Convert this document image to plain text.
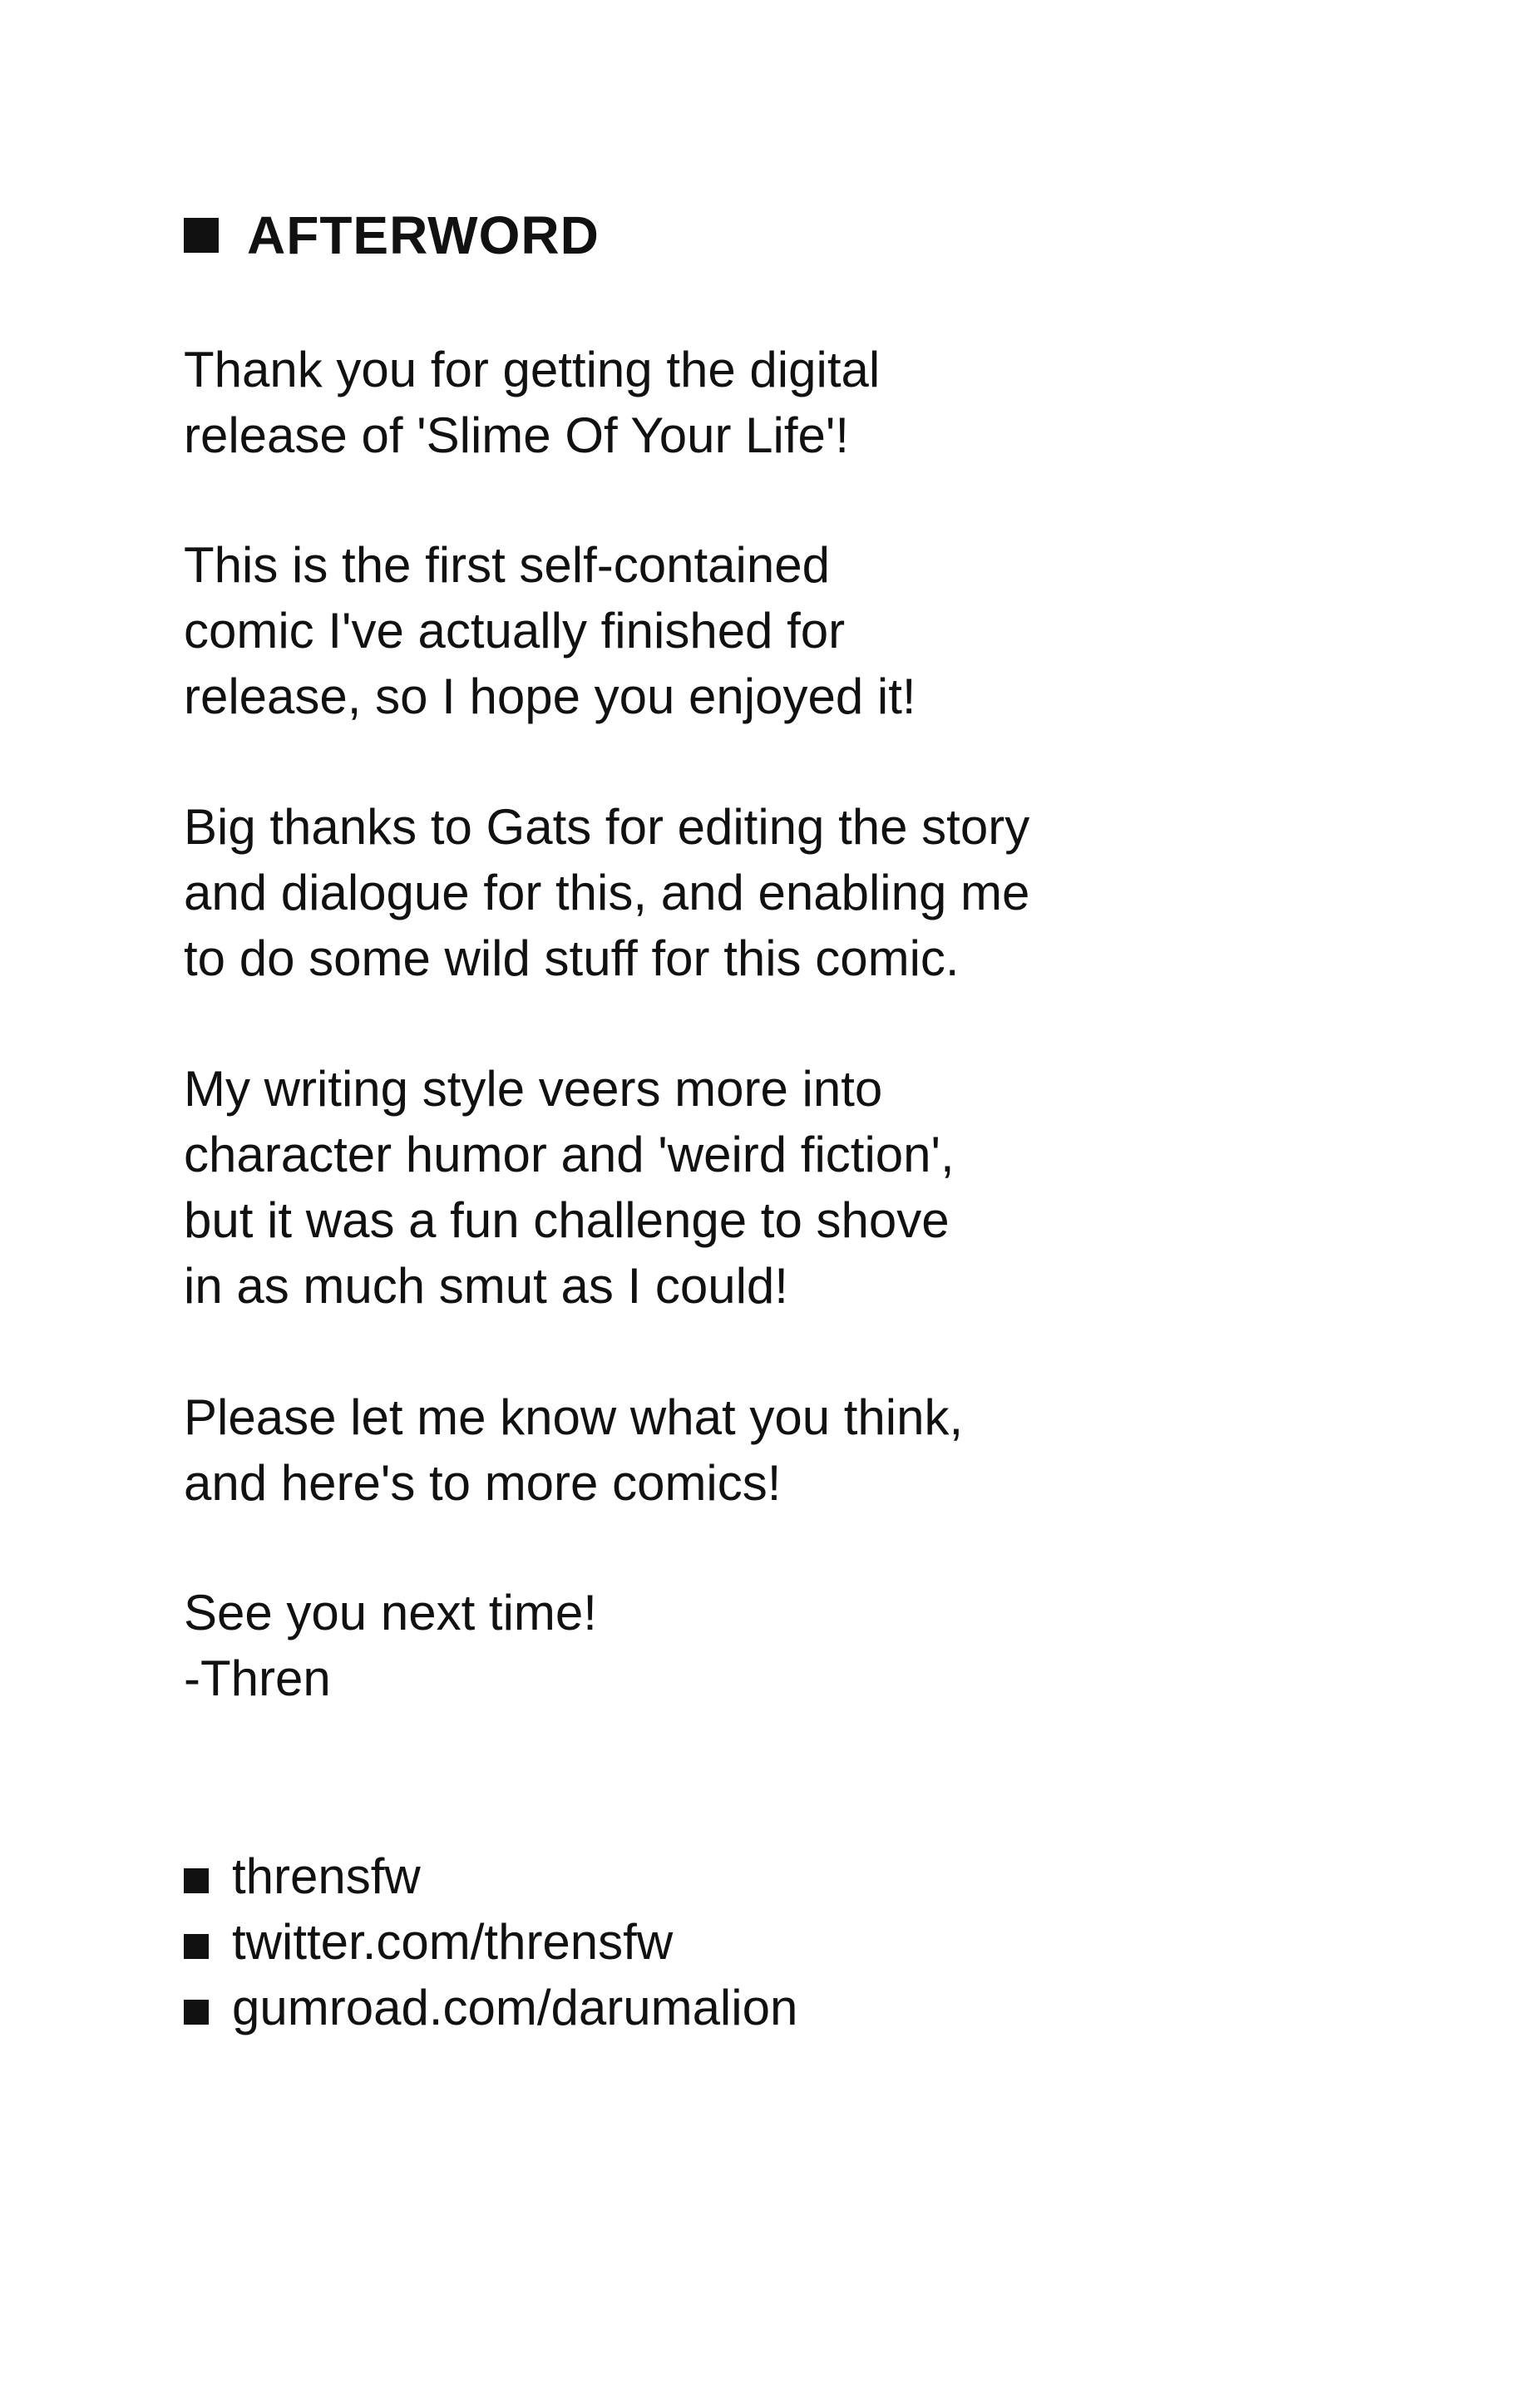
AFTERWORD

Thank you for getting the digital
release of 'Slime Of Your Life'!

This is the first self-contained
comic I've actually finished for
release, so I hope you enjoyed it!

Big thanks to Gats for editing the story
and dialogue for this, and enabling me
to do some wild stuff for this comic.

My writing style veers more into
character humor and 'weird fiction',
but it was a fun challenge to shove
in as much smut as I could!

Please let me know what you think,
and here's to more comics!

See you next time!
-Thren

thrensfw
twitter.com/thrensfw
gumroad.com/darumalion
